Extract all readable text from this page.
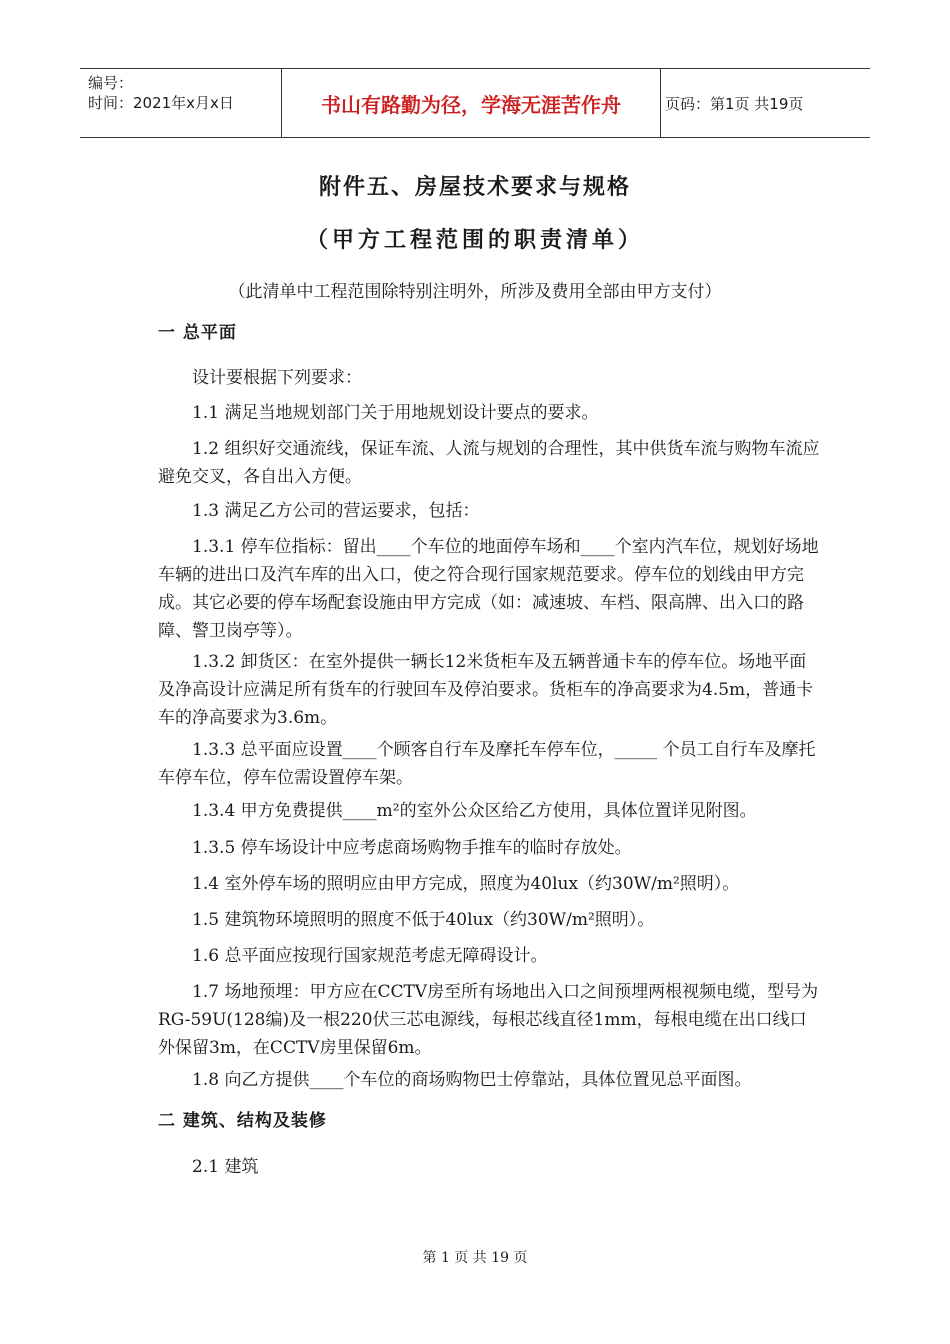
编号：
时间：2021年x月x日	书山有路勤为径，学海无涯苦作舟	页码：第1页 共19页
附件五、房屋技术要求与规格
（甲方工程范围的职责清单）
（此清单中工程范围除特别注明外，所涉及费用全部由甲方支付）
一 总平面

设计要根据下列要求：

1.1 满足当地规划部门关于用地规划设计要点的要求。

1.2 组织好交通流线，保证车流、人流与规划的合理性，其中供货车流与购物车流应避免交叉，各自出入方便。

1.3 满足乙方公司的营运要求，包括：

1.3.1 停车位指标：留出____个车位的地面停车场和____个室内汽车位，规划好场地车辆的进出口及汽车库的出入口，使之符合现行国家规范要求。停车位的划线由甲方完成。其它必要的停车场配套设施由甲方完成（如：减速坡、车档、限高牌、出入口的路障、警卫岗亭等）。

1.3.2 卸货区：在室外提供一辆长12米货柜车及五辆普通卡车的停车位。场地平面及净高设计应满足所有货车的行驶回车及停泊要求。货柜车的净高要求为4.5m，普通卡车的净高要求为3.6m。

1.3.3 总平面应设置____个顾客自行车及摩托车停车位，_____ 个员工自行车及摩托车停车位，停车位需设置停车架。

1.3.4 甲方免费提供____m²的室外公众区给乙方使用，具体位置详见附图。

1.3.5 停车场设计中应考虑商场购物手推车的临时存放处。

1.4 室外停车场的照明应由甲方完成，照度为40lux（约30W/m²照明）。

1.5 建筑物环境照明的照度不低于40lux（约30W/m²照明）。

1.6 总平面应按现行国家规范考虑无障碍设计。

1.7 场地预埋：甲方应在CCTV房至所有场地出入口之间预埋两根视频电缆，型号为RG-59U(128编)及一根220伏三芯电源线，每根芯线直径1mm，每根电缆在出口线口外保留3m，在CCTV房里保留6m。

1.8 向乙方提供____个车位的商场购物巴士停靠站，具体位置见总平面图。

二 建筑、结构及装修

2.1 建筑

第 1 页 共 19 页
